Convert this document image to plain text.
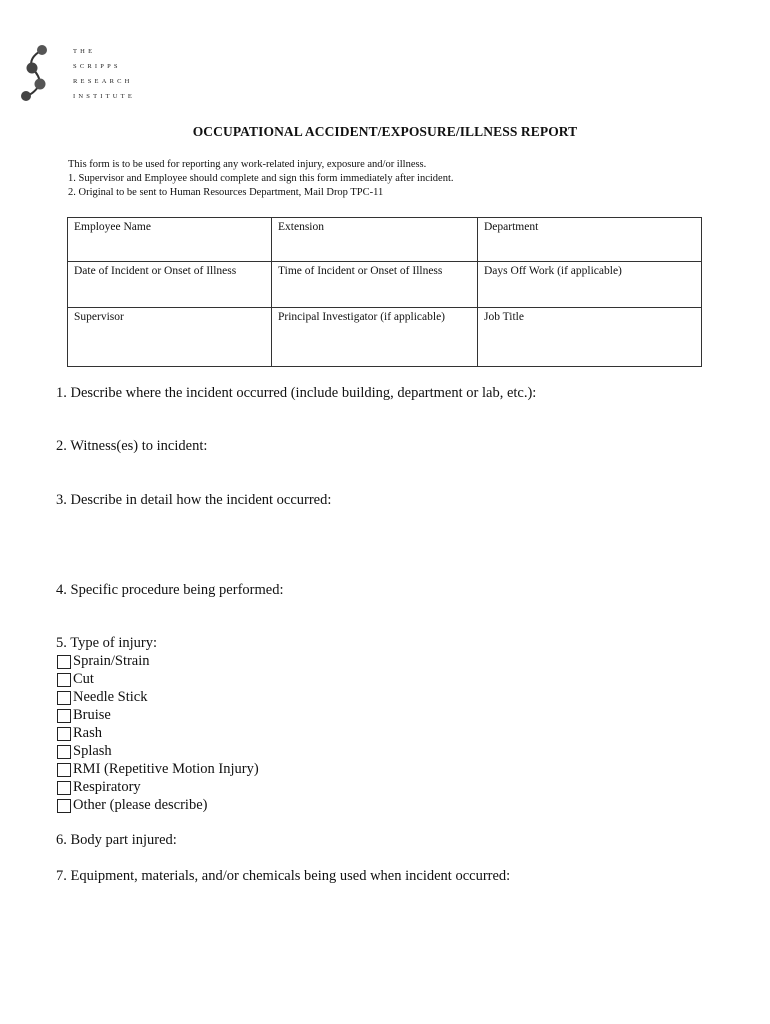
THE
SCRIPPS
RESEARCH
INSTITUTE
OCCUPATIONAL ACCIDENT/EXPOSURE/ILLNESS REPORT
This form is to be used for reporting any work-related injury, exposure and/or illness.
1. Supervisor and Employee should complete and sign this form immediately after incident.
2. Original to be sent to Human Resources Department, Mail Drop TPC-11
Employee Name	Extension	Department
Date of Incident or Onset of Illness	Time of Incident or Onset of Illness	Days Off Work (if applicable)
Supervisor	Principal Investigator (if applicable)	Job Title
1. Describe where the incident occurred (include building, department or lab, etc.):
2. Witness(es) to incident:
3. Describe in detail how the incident occurred:
4. Specific procedure being performed:
5. Type of injury:
Sprain/Strain
Cut
Needle Stick
Bruise
Rash
Splash
RMI (Repetitive Motion Injury)
Respiratory
Other (please describe)
6. Body part injured:
7. Equipment, materials, and/or chemicals being used when incident occurred:
